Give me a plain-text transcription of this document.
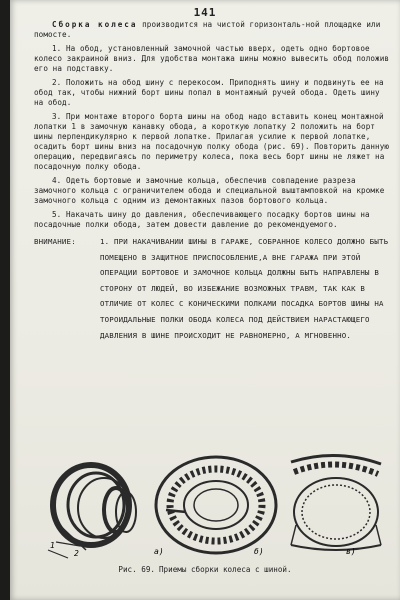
141

Сборка колеса производится на чистой горизонталь-ной площадке или помосте.

1. На обод, установленный замочной частью вверх, одеть одно бортовое колесо закраиной вниз. Для удобства монтажа шины можно вывесить обод положив его на подставку.

2. Положить на обод шину с перекосом. Приподнять шину и подвинуть ее на обод так, чтобы нижний борт шины попал в монтажный ручей обода. Одеть шину на обод.

3. При монтаже второго борта шины на обод надо вставить конец монтажной лопатки 1 в замочную канавку обода, а короткую лопатку 2 положить на борт шины перпендикулярно к первой лопатке. Прилагая усилие к первой лопатке, осадить борт шины вниз на посадочную полку обода (рис. 69). Повторить данную операцию, передвигаясь по периметру колеса, пока весь борт шины не ляжет на посадочную полку обода.

4. Одеть бортовые и замочные кольца, обеспечив совпадение разреза замочного кольца с ограничителем обода и специальной выштамповкой на кромке замочного кольца с одним из демонтажных пазов бортового кольца.

5. Накачать шину до давления, обеспечивающего посадку бортов шины на посадочные полки обода, затем довести давление до рекомендуемого.

ВНИМАНИЕ:	1. ПРИ НАКАЧИВАНИИ ШИНЫ В ГАРАЖЕ, СОБРАННОЕ КОЛЕСО ДОЛЖНО БЫТЬ ПОМЕЩЕНО В ЗАЩИТНОЕ ПРИСПОСОБЛЕНИЕ,А ВНЕ ГАРАЖА ПРИ ЭТОЙ ОПЕРАЦИИ БОРТОВОЕ И ЗАМОЧНОЕ КОЛЬЦА ДОЛЖНЫ БЫТЬ НАПРАВЛЕНЫ В СТОРОНУ ОТ ЛЮДЕЙ, ВО ИЗБЕЖАНИЕ ВОЗМОЖНЫХ ТРАВМ, ТАК КАК В ОТЛИЧИЕ ОТ КОЛЕС С КОНИЧЕСКИМИ ПОЛКАМИ ПОСАДКА БОРТОВ ШИНЫ НА ТОРОИДАЛЬНЫЕ ПОЛКИ ОБОДА КОЛЕСА ПОД ДЕЙСТВИЕМ НАРАСТАЮЩЕГО ДАВЛЕНИЯ В ШИНЕ ПРОИСХОДИТ НЕ РАВНОМЕРНО, А МГНОВЕННО.
а)	б)	в)
1
2
Рис. 69. Приемы сборки колеса с шиной.
